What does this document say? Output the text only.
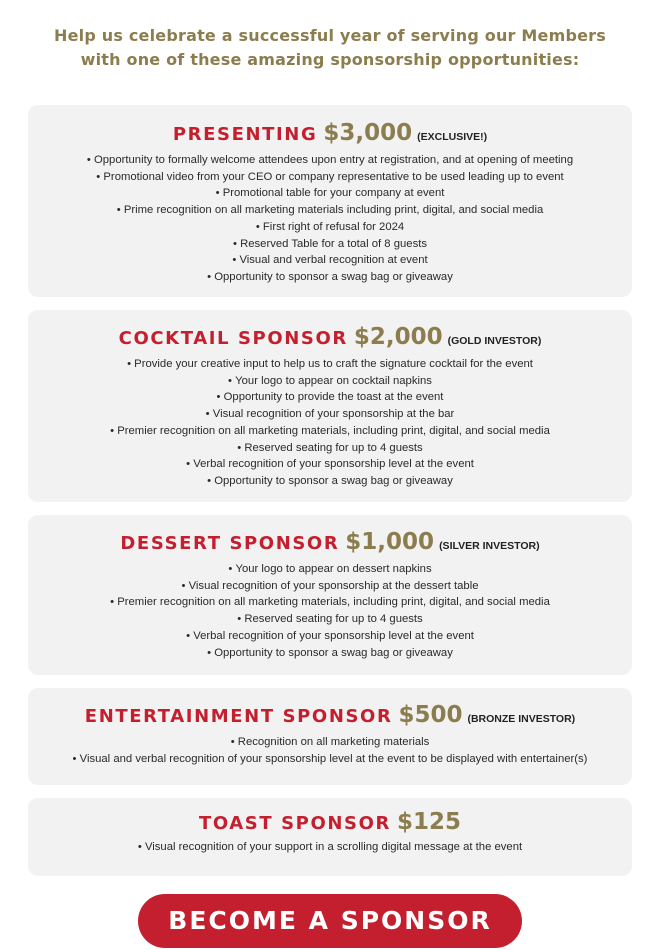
Help us celebrate a successful year of serving our Members
with one of these amazing sponsorship opportunities:
PRESENTING $3,000 (EXCLUSIVE!)
• Opportunity to formally welcome attendees upon entry at registration, and at opening of meeting
• Promotional video from your CEO or company representative to be used leading up to event
• Promotional table for your company at event
• Prime recognition on all marketing materials including print, digital, and social media
• First right of refusal for 2024
• Reserved Table for a total of 8 guests
• Visual and verbal recognition at event
• Opportunity to sponsor a swag bag or giveaway
COCKTAIL SPONSOR $2,000 (GOLD INVESTOR)
• Provide your creative input to help us to craft the signature cocktail for the event
• Your logo to appear on cocktail napkins
• Opportunity to provide the toast at the event
• Visual recognition of your sponsorship at the bar
• Premier recognition on all marketing materials, including print, digital, and social media
• Reserved seating for up to 4 guests
• Verbal recognition of your sponsorship level at the event
• Opportunity to sponsor a swag bag or giveaway
DESSERT SPONSOR $1,000 (SILVER INVESTOR)
• Your logo to appear on dessert napkins
• Visual recognition of your sponsorship at the dessert table
• Premier recognition on all marketing materials, including print, digital, and social media
• Reserved seating for up to 4 guests
• Verbal recognition of your sponsorship level at the event
• Opportunity to sponsor a swag bag or giveaway
ENTERTAINMENT SPONSOR $500 (BRONZE INVESTOR)
• Recognition on all marketing materials
• Visual and verbal recognition of your sponsorship level at the event to be displayed with entertainer(s)
TOAST SPONSOR $125
• Visual recognition of your support in a scrolling digital message at the event
BECOME A SPONSOR
